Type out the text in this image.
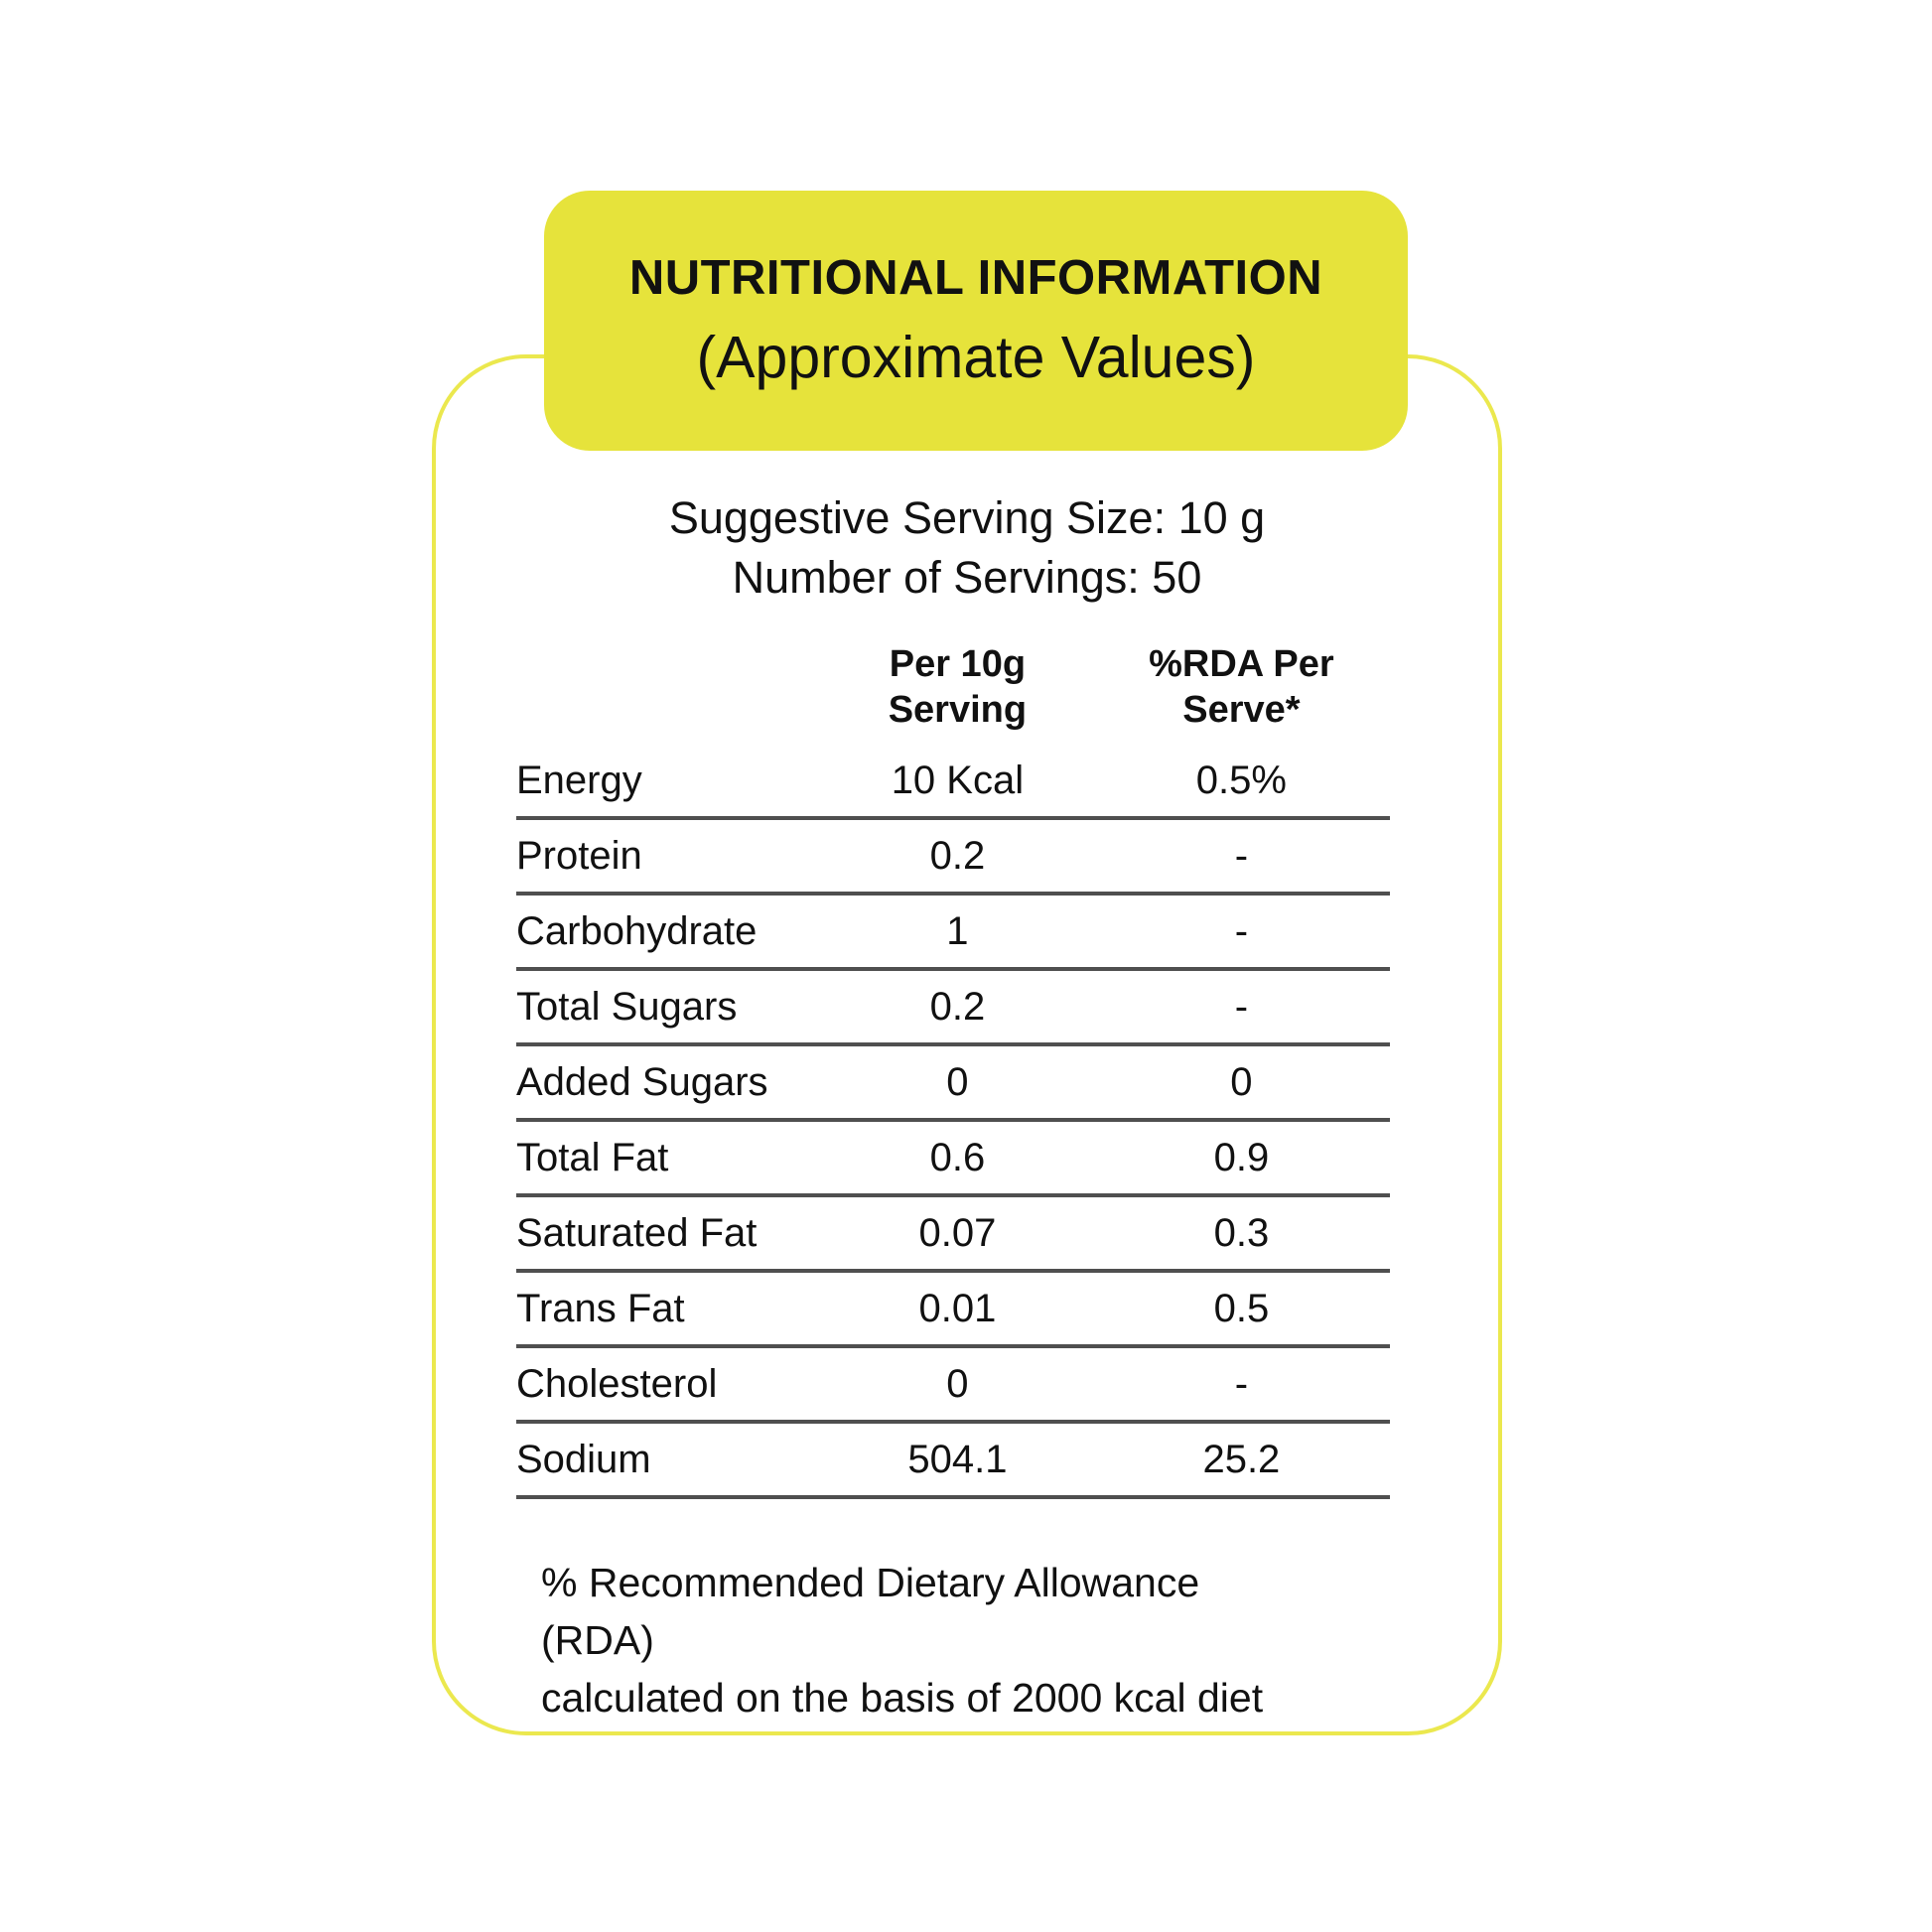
NUTRITIONAL INFORMATION
(Approximate Values)
Suggestive Serving Size: 10 g
Number of Servings: 50
Per 10g
Serving
%RDA Per Serve*
Energy	10 Kcal	0.5%
Protein	0.2	-
Carbohydrate	1	-
Total Sugars	0.2	-
Added Sugars	0	0
Total Fat	0.6	0.9
Saturated Fat	0.07	0.3
Trans Fat	0.01	0.5
Cholesterol	0	-
Sodium	504.1	25.2
% Recommended Dietary Allowance (RDA)
calculated on the basis of 2000 kcal diet
